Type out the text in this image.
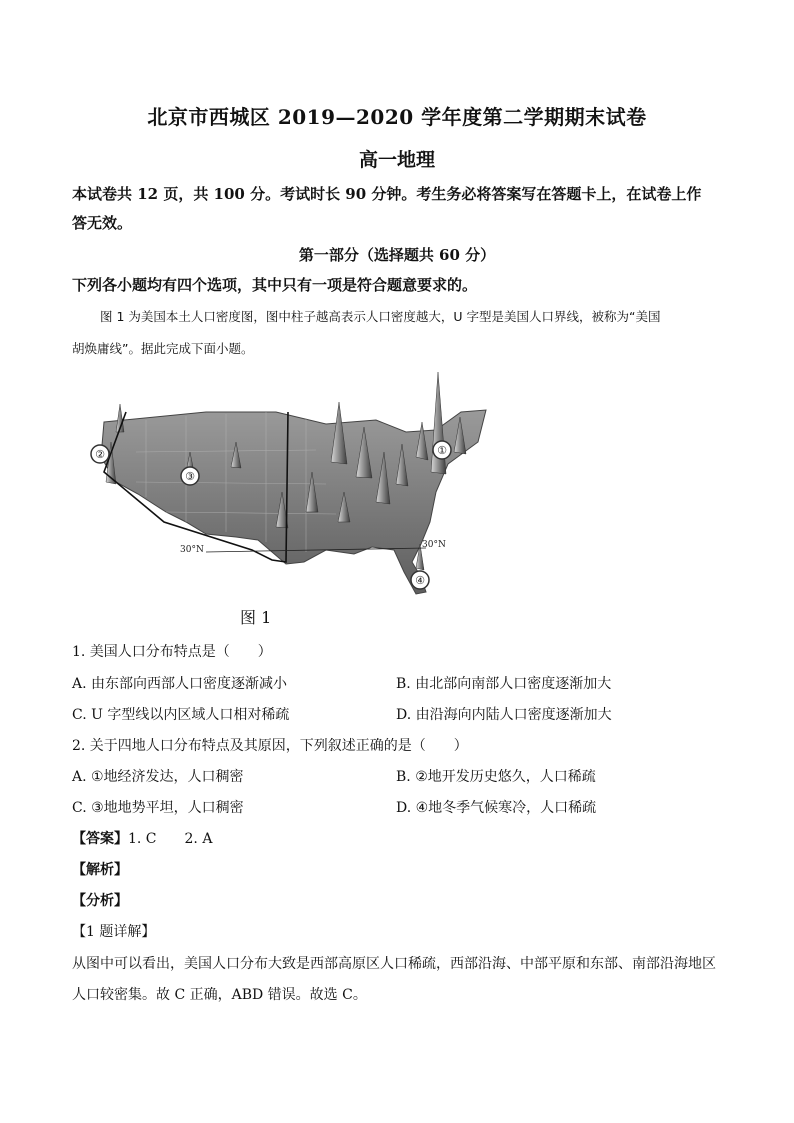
北京市西城区 2019—2020 学年度第二学期期末试卷
高一地理
本试卷共 12 页，共 100 分。考试时长 90 分钟。考生务必将答案写在答题卡上，在试卷上作
答无效。
第一部分（选择题共 60 分）
下列各小题均有四个选项，其中只有一项是符合题意要求的。
图 1 为美国本土人口密度图，图中柱子越高表示人口密度越大，U 字型是美国人口界线，被称为“美国
胡焕庸线”。据此完成下面小题。
①
②
③
④
30°N	30°N
图 1
1. 美国人口分布特点是（　　）
A. 由东部向西部人口密度逐渐减小	B. 由北部向南部人口密度逐渐加大
C. U 字型线以内区域人口相对稀疏	D. 由沿海向内陆人口密度逐渐加大
2. 关于四地人口分布特点及其原因，下列叙述正确的是（　　）
A. ①地经济发达，人口稠密	B. ②地开发历史悠久，人口稀疏
C. ③地地势平坦，人口稠密	D. ④地冬季气候寒冷，人口稀疏
【答案】1. C　　2. A
【解析】
【分析】
【1 题详解】
从图中可以看出，美国人口分布大致是西部高原区人口稀疏，西部沿海、中部平原和东部、南部沿海地区
人口较密集。故 C 正确，ABD 错误。故选 C。
